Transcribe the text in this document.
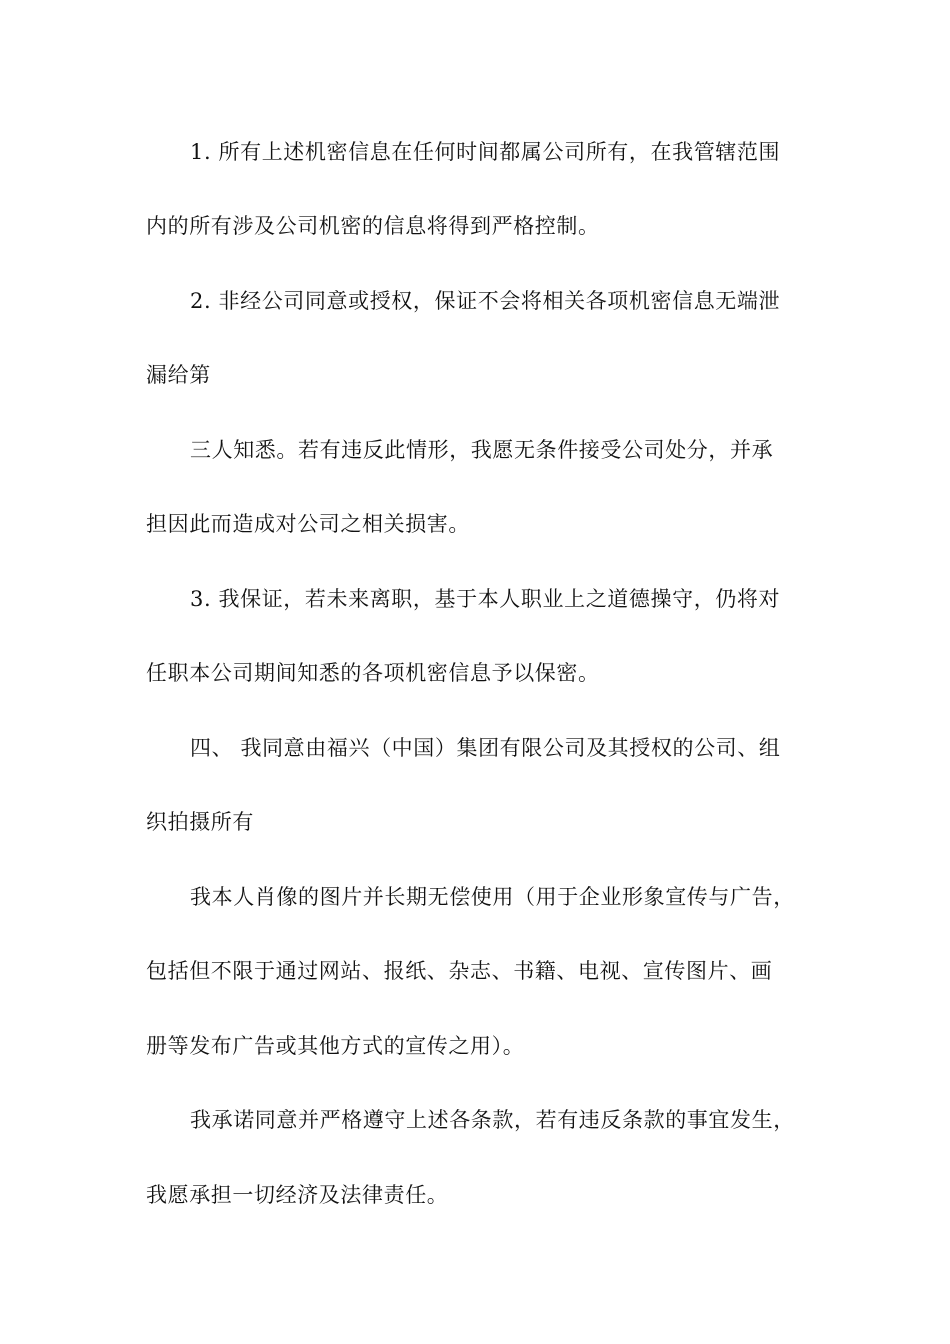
1. 所有上述机密信息在任何时间都属公司所有，在我管辖范围
内的所有涉及公司机密的信息将得到严格控制。
2. 非经公司同意或授权，保证不会将相关各项机密信息无端泄
漏给第
三人知悉。若有违反此情形，我愿无条件接受公司处分，并承
担因此而造成对公司之相关损害。
3. 我保证，若未来离职，基于本人职业上之道德操守，仍将对
任职本公司期间知悉的各项机密信息予以保密。
四、 我同意由福兴（中国）集团有限公司及其授权的公司、组
织拍摄所有
我本人肖像的图片并长期无偿使用（用于企业形象宣传与广告，
包括但不限于通过网站、报纸、杂志、书籍、电视、宣传图片、画
册等发布广告或其他方式的宣传之用）。
我承诺同意并严格遵守上述各条款，若有违反条款的事宜发生，
我愿承担一切经济及法律责任。
